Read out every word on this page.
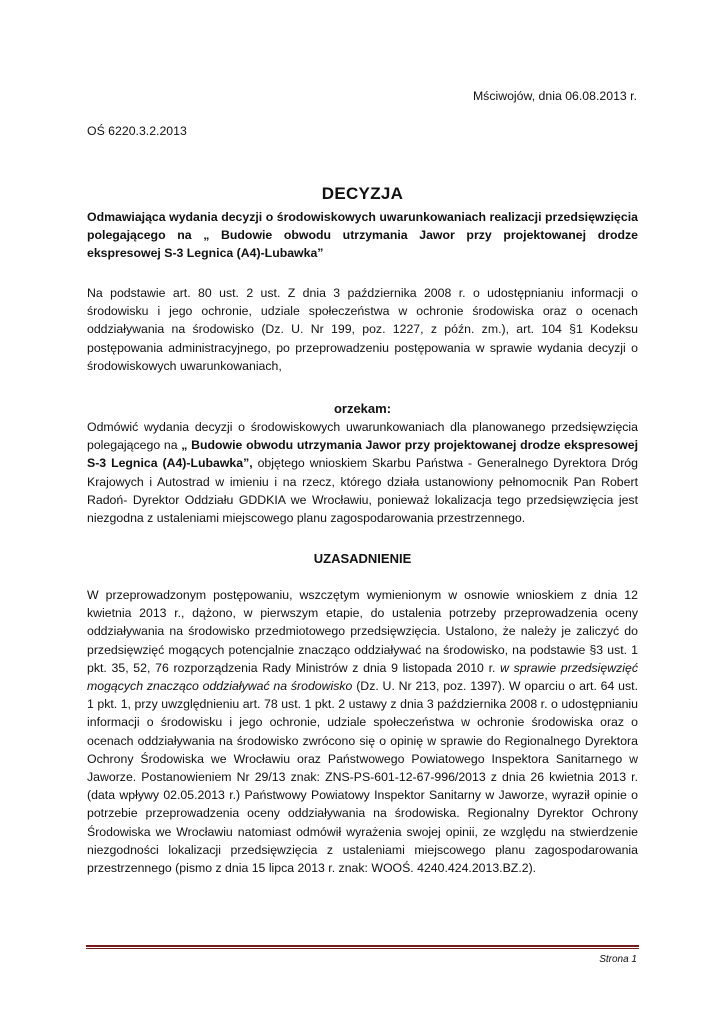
Mściwojów, dnia 06.08.2013 r.
OŚ 6220.3.2.2013
DECYZJA
Odmawiająca wydania decyzji o środowiskowych uwarunkowaniach realizacji przedsięwzięcia polegającego na „ Budowie obwodu utrzymania Jawor przy projektowanej drodze ekspresowej S-3 Legnica (A4)-Lubawka”
Na podstawie art. 80 ust. 2 ust. Z dnia 3 października 2008 r. o udostępnianiu informacji o środowisku i jego ochronie, udziale społeczeństwa w ochronie środowiska oraz o ocenach oddziaływania na środowisko (Dz. U. Nr 199, poz. 1227, z późn. zm.), art. 104 §1 Kodeksu postępowania administracyjnego, po przeprowadzeniu postępowania w sprawie wydania decyzji o środowiskowych uwarunkowaniach,
orzekam:
Odmówić wydania decyzji o środowiskowych uwarunkowaniach dla planowanego przedsięwzięcia polegającego na „ Budowie obwodu utrzymania Jawor przy projektowanej drodze ekspresowej S-3 Legnica (A4)-Lubawka”, objętego wnioskiem Skarbu Państwa - Generalnego Dyrektora Dróg Krajowych i Autostrad w imieniu i na rzecz, którego działa ustanowiony pełnomocnik Pan Robert Radoń- Dyrektor Oddziału GDDKIA we Wrocławiu, ponieważ lokalizacja tego przedsięwzięcia jest niezgodna z ustaleniami miejscowego planu zagospodarowania przestrzennego.
UZASADNIENIE
W przeprowadzonym postępowaniu, wszczętym wymienionym w osnowie wnioskiem z dnia 12 kwietnia 2013 r., dążono, w pierwszym etapie, do ustalenia potrzeby przeprowadzenia oceny oddziaływania na środowisko przedmiotowego przedsięwzięcia. Ustalono, że należy je zaliczyć do przedsięwzięć mogących potencjalnie znacząco oddziaływać na środowisko, na podstawie §3 ust. 1 pkt. 35, 52, 76 rozporządzenia Rady Ministrów z dnia 9 listopada 2010 r. w sprawie przedsięwzięć mogących znacząco oddziaływać na środowisko (Dz. U. Nr 213, poz. 1397). W oparciu o art. 64 ust. 1 pkt. 1, przy uwzględnieniu art. 78 ust. 1 pkt. 2 ustawy z dnia 3 października 2008 r. o udostępnianiu informacji o środowisku i jego ochronie, udziale społeczeństwa w ochronie środowiska oraz o ocenach oddziaływania na środowisko zwrócono się o opinię w sprawie do Regionalnego Dyrektora Ochrony Środowiska we Wrocławiu oraz Państwowego Powiatowego Inspektora Sanitarnego w Jaworze. Postanowieniem Nr 29/13 znak: ZNS-PS-601-12-67-996/2013 z dnia 26 kwietnia 2013 r. (data wpływy 02.05.2013 r.) Państwowy Powiatowy Inspektor Sanitarny w Jaworze, wyraził opinie o potrzebie przeprowadzenia oceny oddziaływania na środowiska. Regionalny Dyrektor Ochrony Środowiska we Wrocławiu natomiast odmówił wyrażenia swojej opinii, ze względu na stwierdzenie niezgodności lokalizacji przedsięwzięcia z ustaleniami miejscowego planu zagospodarowania przestrzennego (pismo z dnia 15 lipca 2013 r. znak: WOOŚ. 4240.424.2013.BZ.2).
Strona 1
